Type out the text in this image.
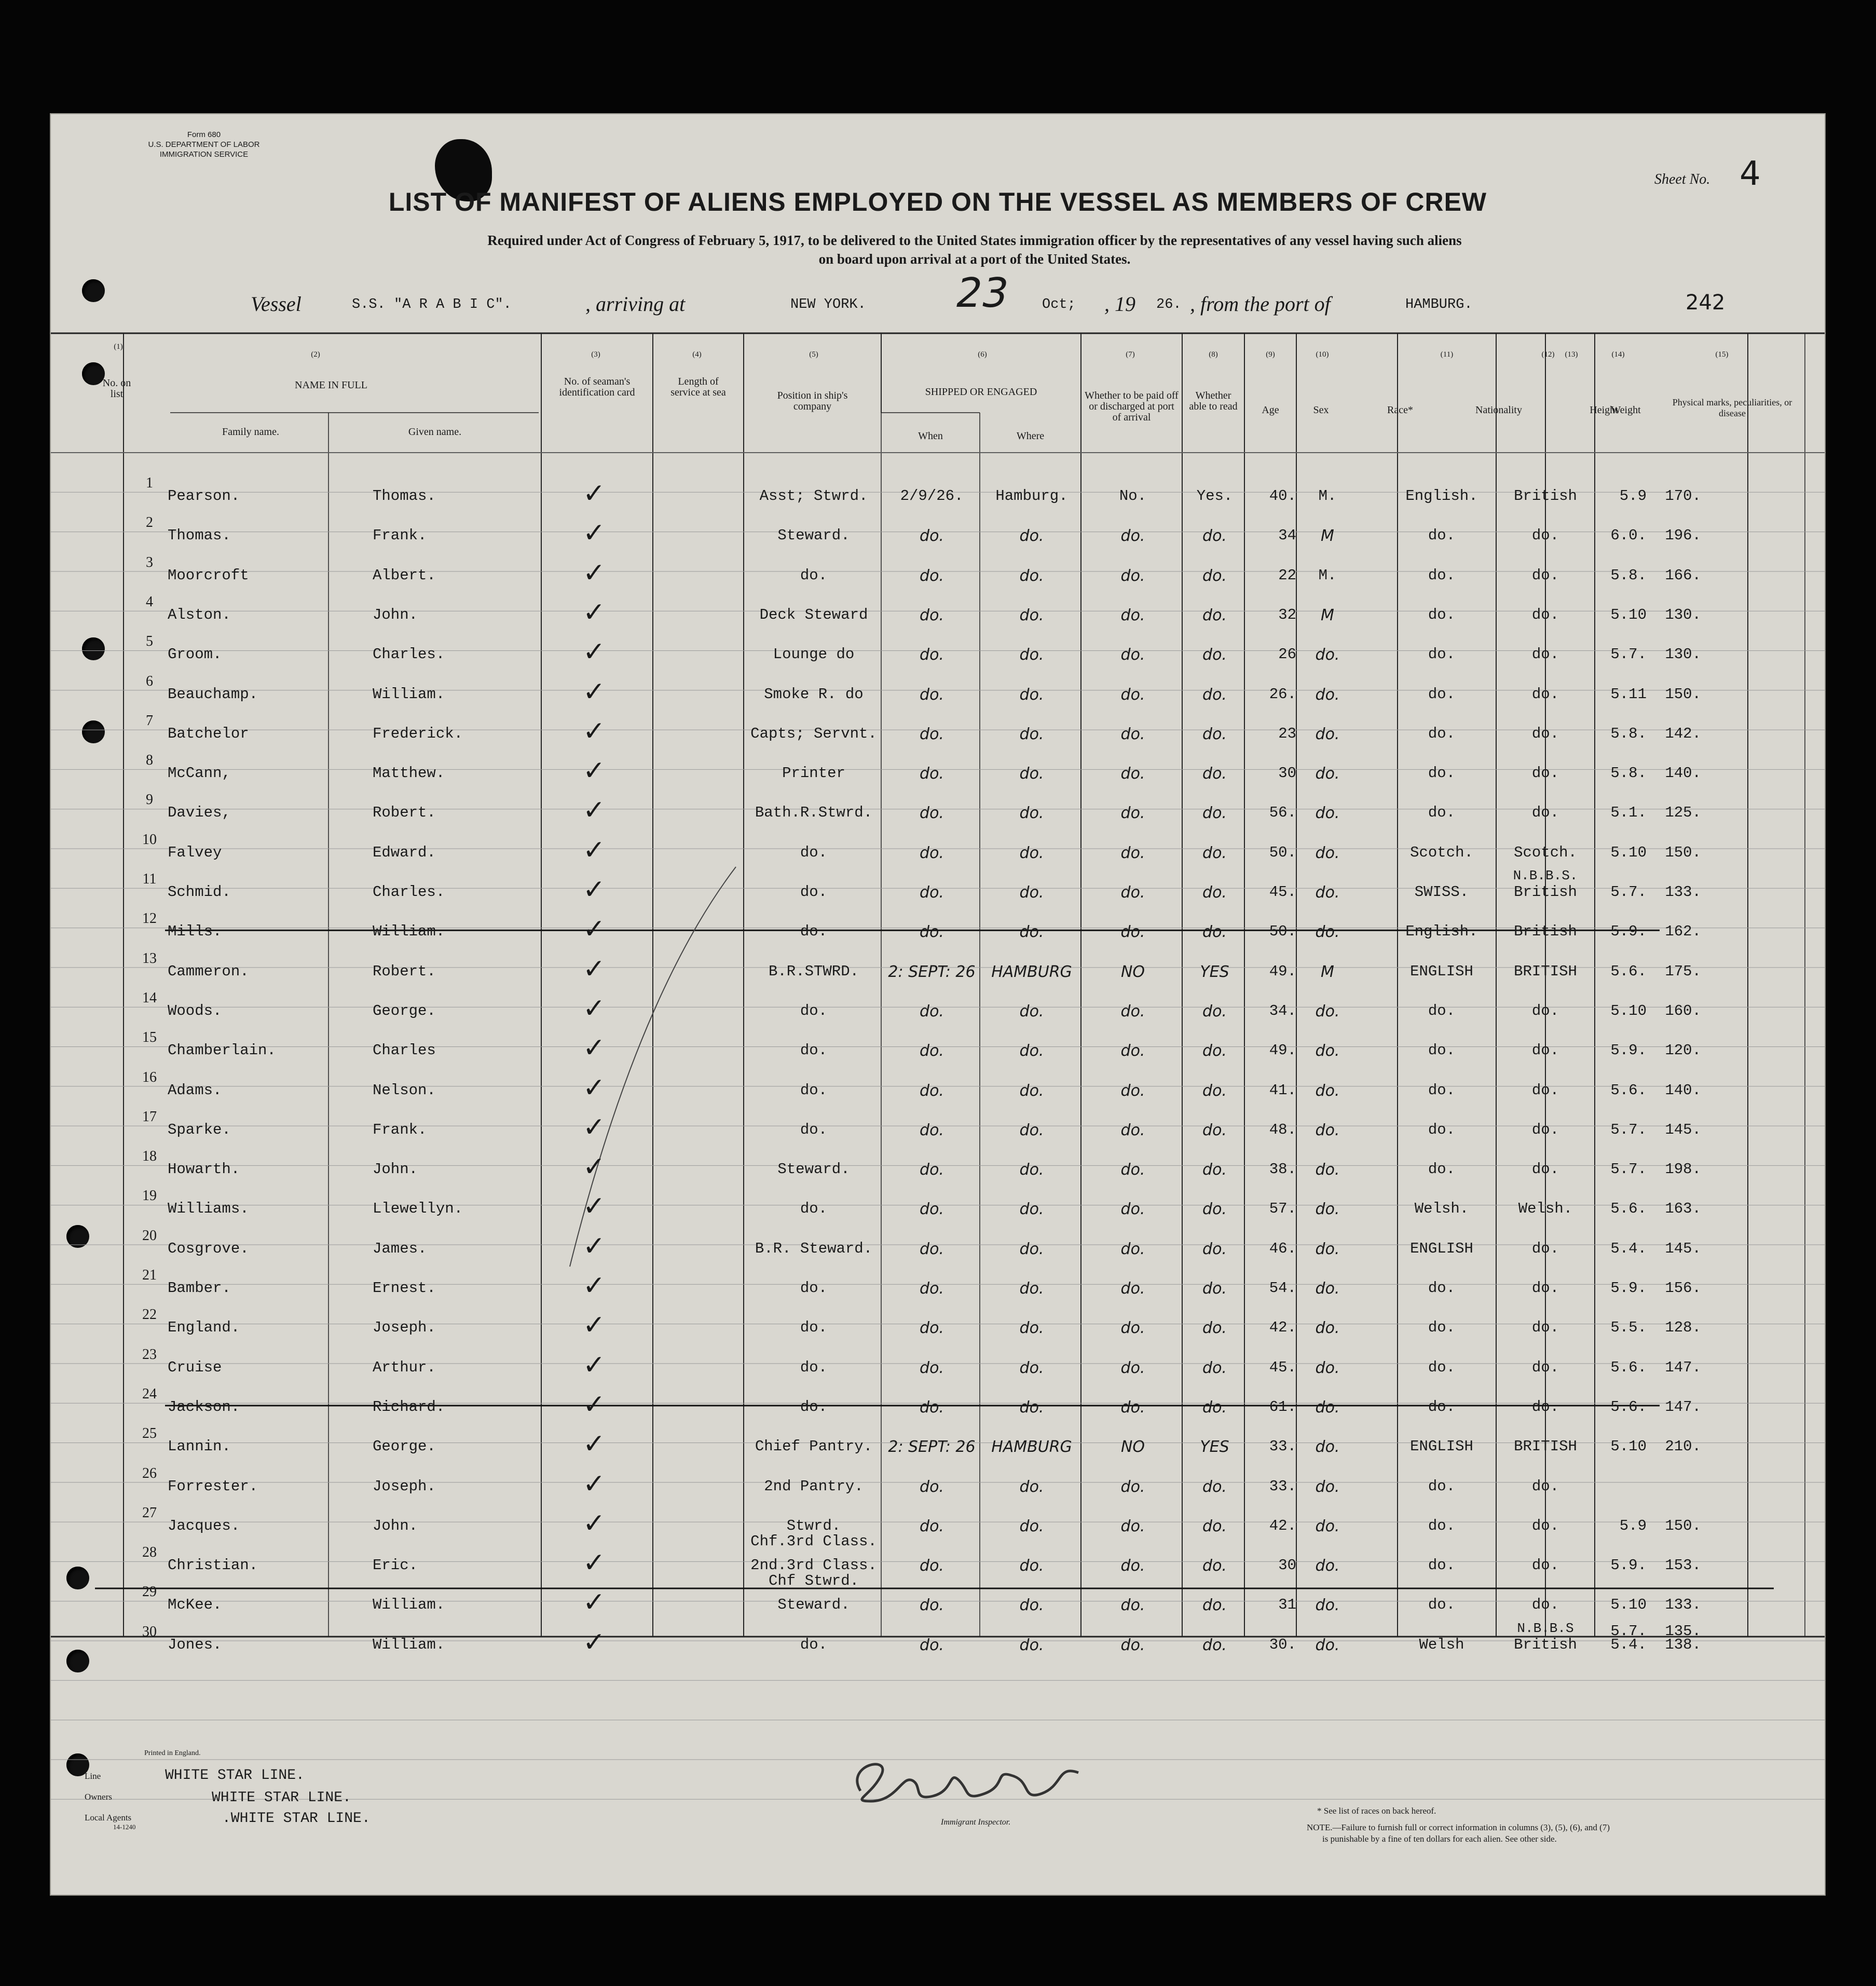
Form 680
U.S. DEPARTMENT OF LABOR
IMMIGRATION SERVICE
Sheet No. 4
LIST OF MANIFEST OF ALIENS EMPLOYED ON THE VESSEL AS MEMBERS OF CREW
Required under Act of Congress of February 5, 1917, to be delivered to the United States immigration officer by the representatives of any vessel having such aliens
on board upon arrival at a port of the United States.
Vessel	S.S. "A R A B I C".	, arriving at	NEW YORK. 23 Oct; , 19 26. , from the port of	HAMBURG.	242
(1)
(2)	(3)	(4)	(5)	(6)	(7)	(8)	(9)	(10)	(11)	(12)	(13)	(14)	(15)
No. on list
NAME IN FULL
Family name.	Given name.
No. of seaman's identification card
Length of service at sea	Position in ship's company
SHIPPED OR ENGAGED
When	Where
Whether to be paid off or discharged at port of arrival
Whether able to read	Age	Sex	Race*	Nationality	Height
Weight
Physical marks, peculiarities, or disease
1
Pearson.	Thomas.	Asst; Stwrd.	2/9/26.	Hamburg.	No.	Yes.	40.	M.	English.	British	5.9	170.
✓
2
Thomas.	Frank.	Steward.	do.	do.	do.	do.	34	M	do.	do.	6.0.	196.
✓
3
Moorcroft	Albert.	do.	do.	do.	do.	do.	22	M.	do.	do.	5.8.	166.
✓
4
Alston.	John.	Deck Steward	do.	do.	do.	do.	32	M	do.	do.	5.10	130.
✓
5
Groom.	Charles.	Lounge do	do.	do.	do.	do.	26	do.	do.	do.	5.7.	130.
✓
6
Beauchamp.	William.	Smoke R. do	do.	do.	do.	do.	26.	do.	do.	do.	5.11	150.
✓
7
Batchelor	Frederick.	Capts; Servnt.	do.	do.	do.	do.	23	do.	do.	do.	5.8.	142.
✓
8
McCann,	Matthew.	Printer	do.	do.	do.	do.	30	do.	do.	do.	5.8.	140.
✓
9
Davies,	Robert.	Bath.R.Stwrd.	do.	do.	do.	do.	56.	do.	do.	do.	5.1.	125.
✓
10
Falvey	Edward.	do.	do.	do.	do.	do.	50.	do.	Scotch.	Scotch.	5.10	150.
✓
11
Schmid.	Charles.	do.	do.	do.	do.	do.	45.	do.	SWISS.	British	5.7.	133.
✓	N.B.B.S.
12
Mills.	William.	do.	do.	do.	do.	do.	50.	do.	English.	British	5.9.	162.
✓
13
Cammeron.	Robert.	B.R.STWRD.	2: SEPT: 26	HAMBURG	NO	YES	49.	M	ENGLISH	BRITISH	5.6.	175.
✓
14
Woods.	George.	do.	do.	do.	do.	do.	34.	do.	do.	do.	5.10	160.
✓
15
Chamberlain.	Charles	do.	do.	do.	do.	do.	49.	do.	do.	do.	5.9.	120.
✓
16
Adams.	Nelson.	do.	do.	do.	do.	do.	41.	do.	do.	do.	5.6.	140.
✓
17
Sparke.	Frank.	do.	do.	do.	do.	do.	48.	do.	do.	do.	5.7.	145.
✓
18
Howarth.	John.	Steward.	do.	do.	do.	do.	38.	do.	do.	do.	5.7.	198.
✓
19
Williams.	Llewellyn.	do.	do.	do.	do.	do.	57.	do.	Welsh.	Welsh.	5.6.	163.
✓
20
Cosgrove.	James.	B.R. Steward.	do.	do.	do.	do.	46.	do.	ENGLISH	do.	5.4.	145.
✓
21
Bamber.	Ernest.	do.	do.	do.	do.	do.	54.	do.	do.	do.	5.9.	156.
✓
22
England.	Joseph.	do.	do.	do.	do.	do.	42.	do.	do.	do.	5.5.	128.
✓
23
Cruise	Arthur.	do.	do.	do.	do.	do.	45.	do.	do.	do.	5.6.	147.
✓
24
Jackson.	Richard.	do.	do.	do.	do.	do.	61.	do.	do.	do.	5.6.	147.
✓
25
Lannin.	George.	Chief Pantry.	2: SEPT: 26	HAMBURG	NO	YES	33.	do.	ENGLISH	BRITISH	5.10	210.
✓
26
Forrester.	Joseph.	2nd Pantry.	do.	do.	do.	do.	33.	do.	do.	do.
✓
27
Jacques.	John.	Stwrd.	do.	do.	do.	do.	42.	do.	do.	do.	5.9	150.
✓
Chf.3rd Class.
28
Christian.	Eric.	2nd.3rd Class.	do.	do.	do.	do.	30	do.	do.	do.	5.9.	153.
✓
Chf Stwrd.
29
McKee.	William.	Steward.	do.	do.	do.	do.	31	do.	do.	do.	5.10	133.
✓
30
Jones.	William.	do.	do.	do.	do.	do.	30.	do.	Welsh	British	5.4.	138.
✓	N.B.B.S	5.7.	135.
Printed in England.
Line
Owners
Local Agents
14-1240
WHITE STAR LINE.
WHITE STAR LINE.
.WHITE STAR LINE.	Immigrant Inspector.
* See list of races on back hereof.
NOTE.—Failure to furnish full or correct information in columns (3), (5), (6), and (7)
is punishable by a fine of ten dollars for each alien. See other side.
